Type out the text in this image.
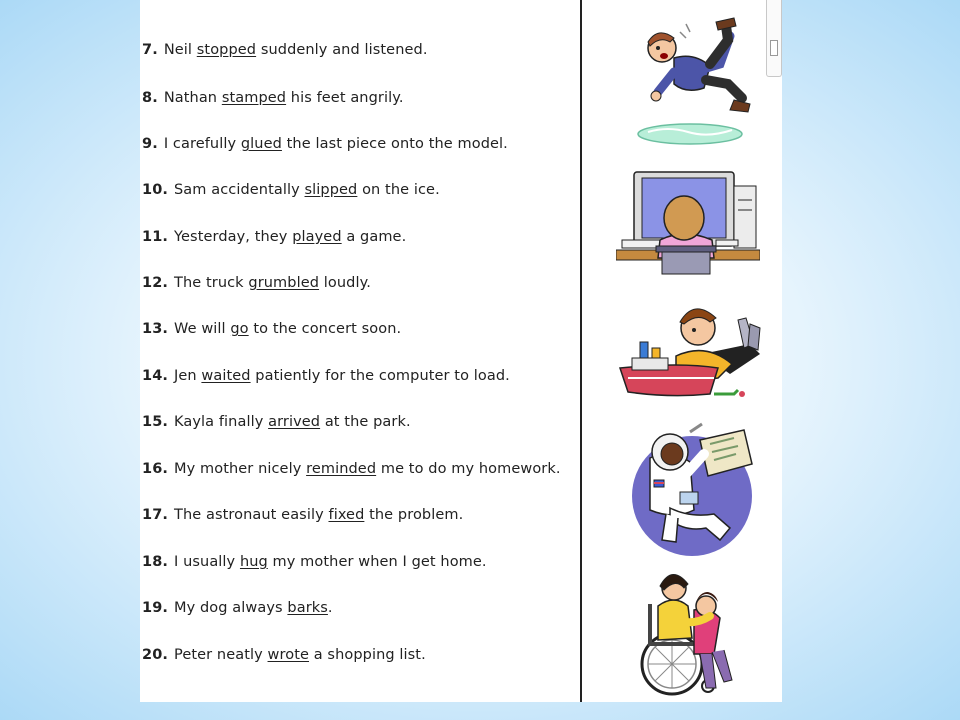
7. Neil stopped suddenly and listened.
8. Nathan stamped his feet angrily.
9. I carefully glued the last piece onto the model.
10. Sam accidentally slipped on the ice.
11. Yesterday, they played a game.
12. The truck grumbled loudly.
13. We will go to the concert soon.
14. Jen waited patiently for the computer to load.
15. Kayla finally arrived at the park.
16. My mother nicely reminded me to do my homework.
17. The astronaut easily fixed the problem.
18. I usually hug my mother when I get home.
19. My dog always barks.
20. Peter neatly wrote a shopping list.
